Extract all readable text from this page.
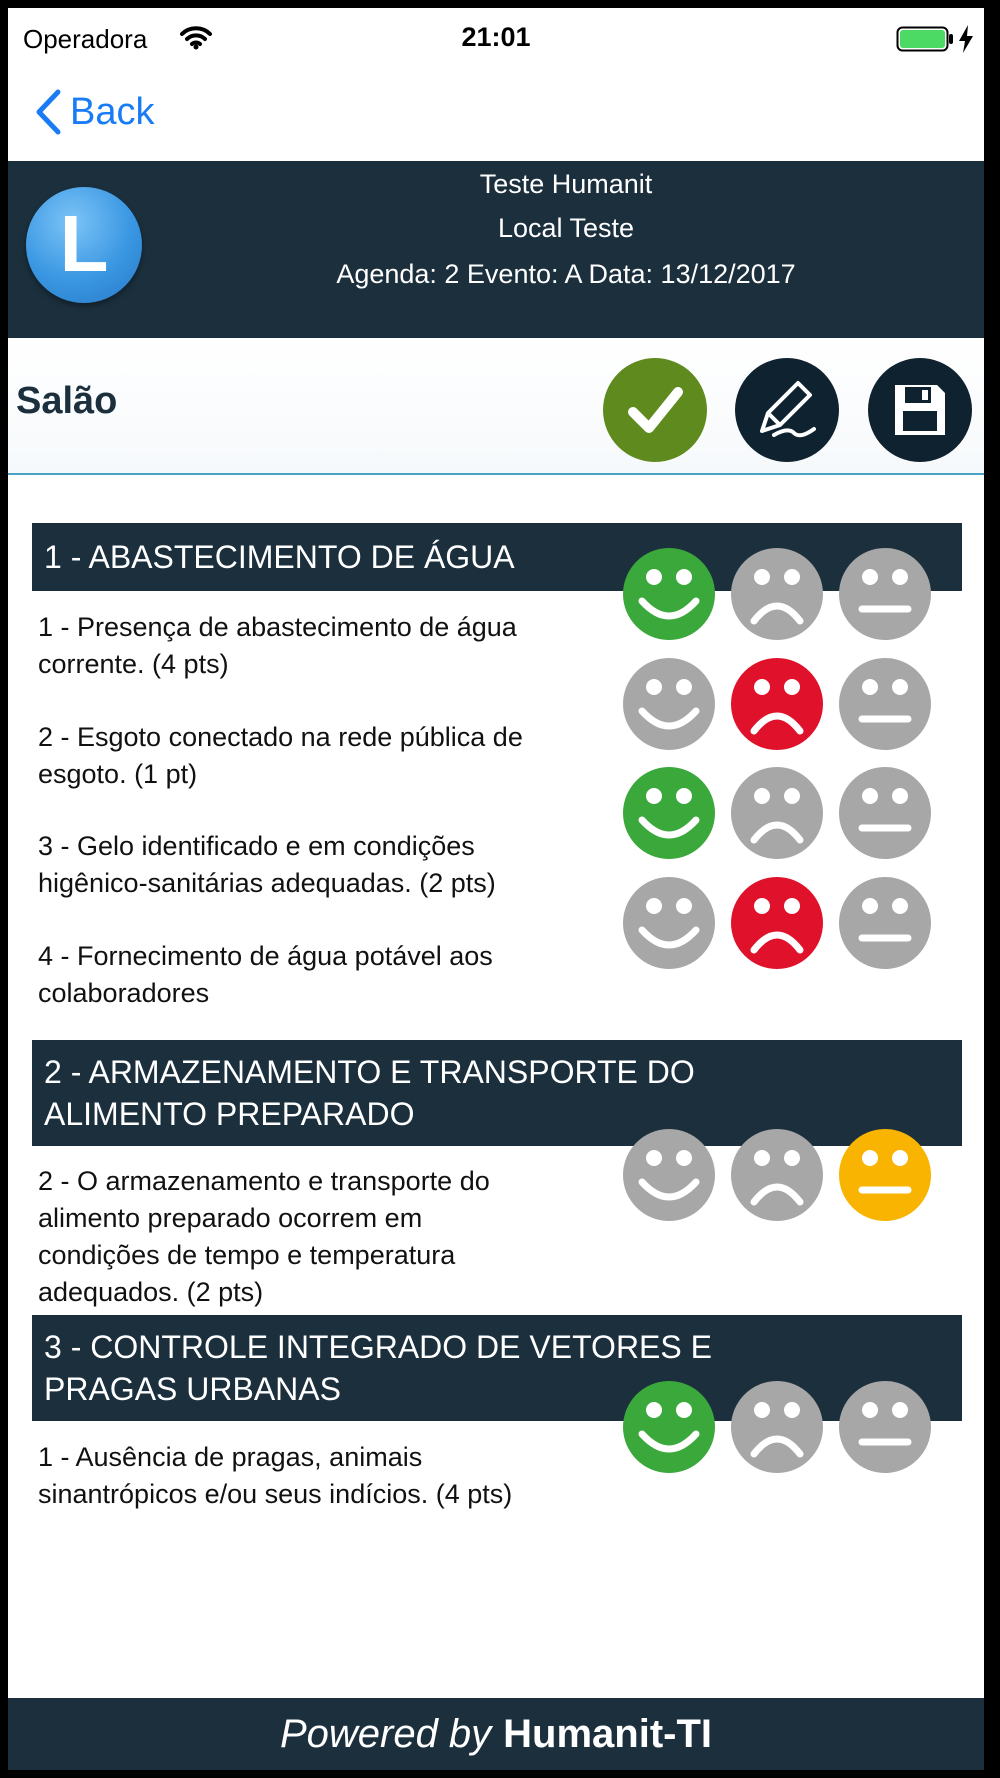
Operadora	21:01
Back
L
Teste Humanit
Local Teste
Agenda: 2 Evento: A Data: 13/12/2017
Salão
1 - ABASTECIMENTO DE ÁGUA
2 - ARMAZENAMENTO E TRANSPORTE DO
ALIMENTO PREPARADO
3 - CONTROLE INTEGRADO DE VETORES E
PRAGAS URBANAS
1 - Presença de abastecimento de água
corrente. (4 pts)
2 - Esgoto conectado na rede pública de
esgoto. (1 pt)
3 - Gelo identificado e em condições
higênico-sanitárias adequadas. (2 pts)
4 - Fornecimento de água potável aos
colaboradores
2 - O armazenamento e transporte do
alimento preparado ocorrem em
condições de tempo e temperatura
adequados. (2 pts)
1 - Ausência de pragas, animais
sinantrópicos e/ou seus indícios. (4 pts)
Powered by Humanit-TI
